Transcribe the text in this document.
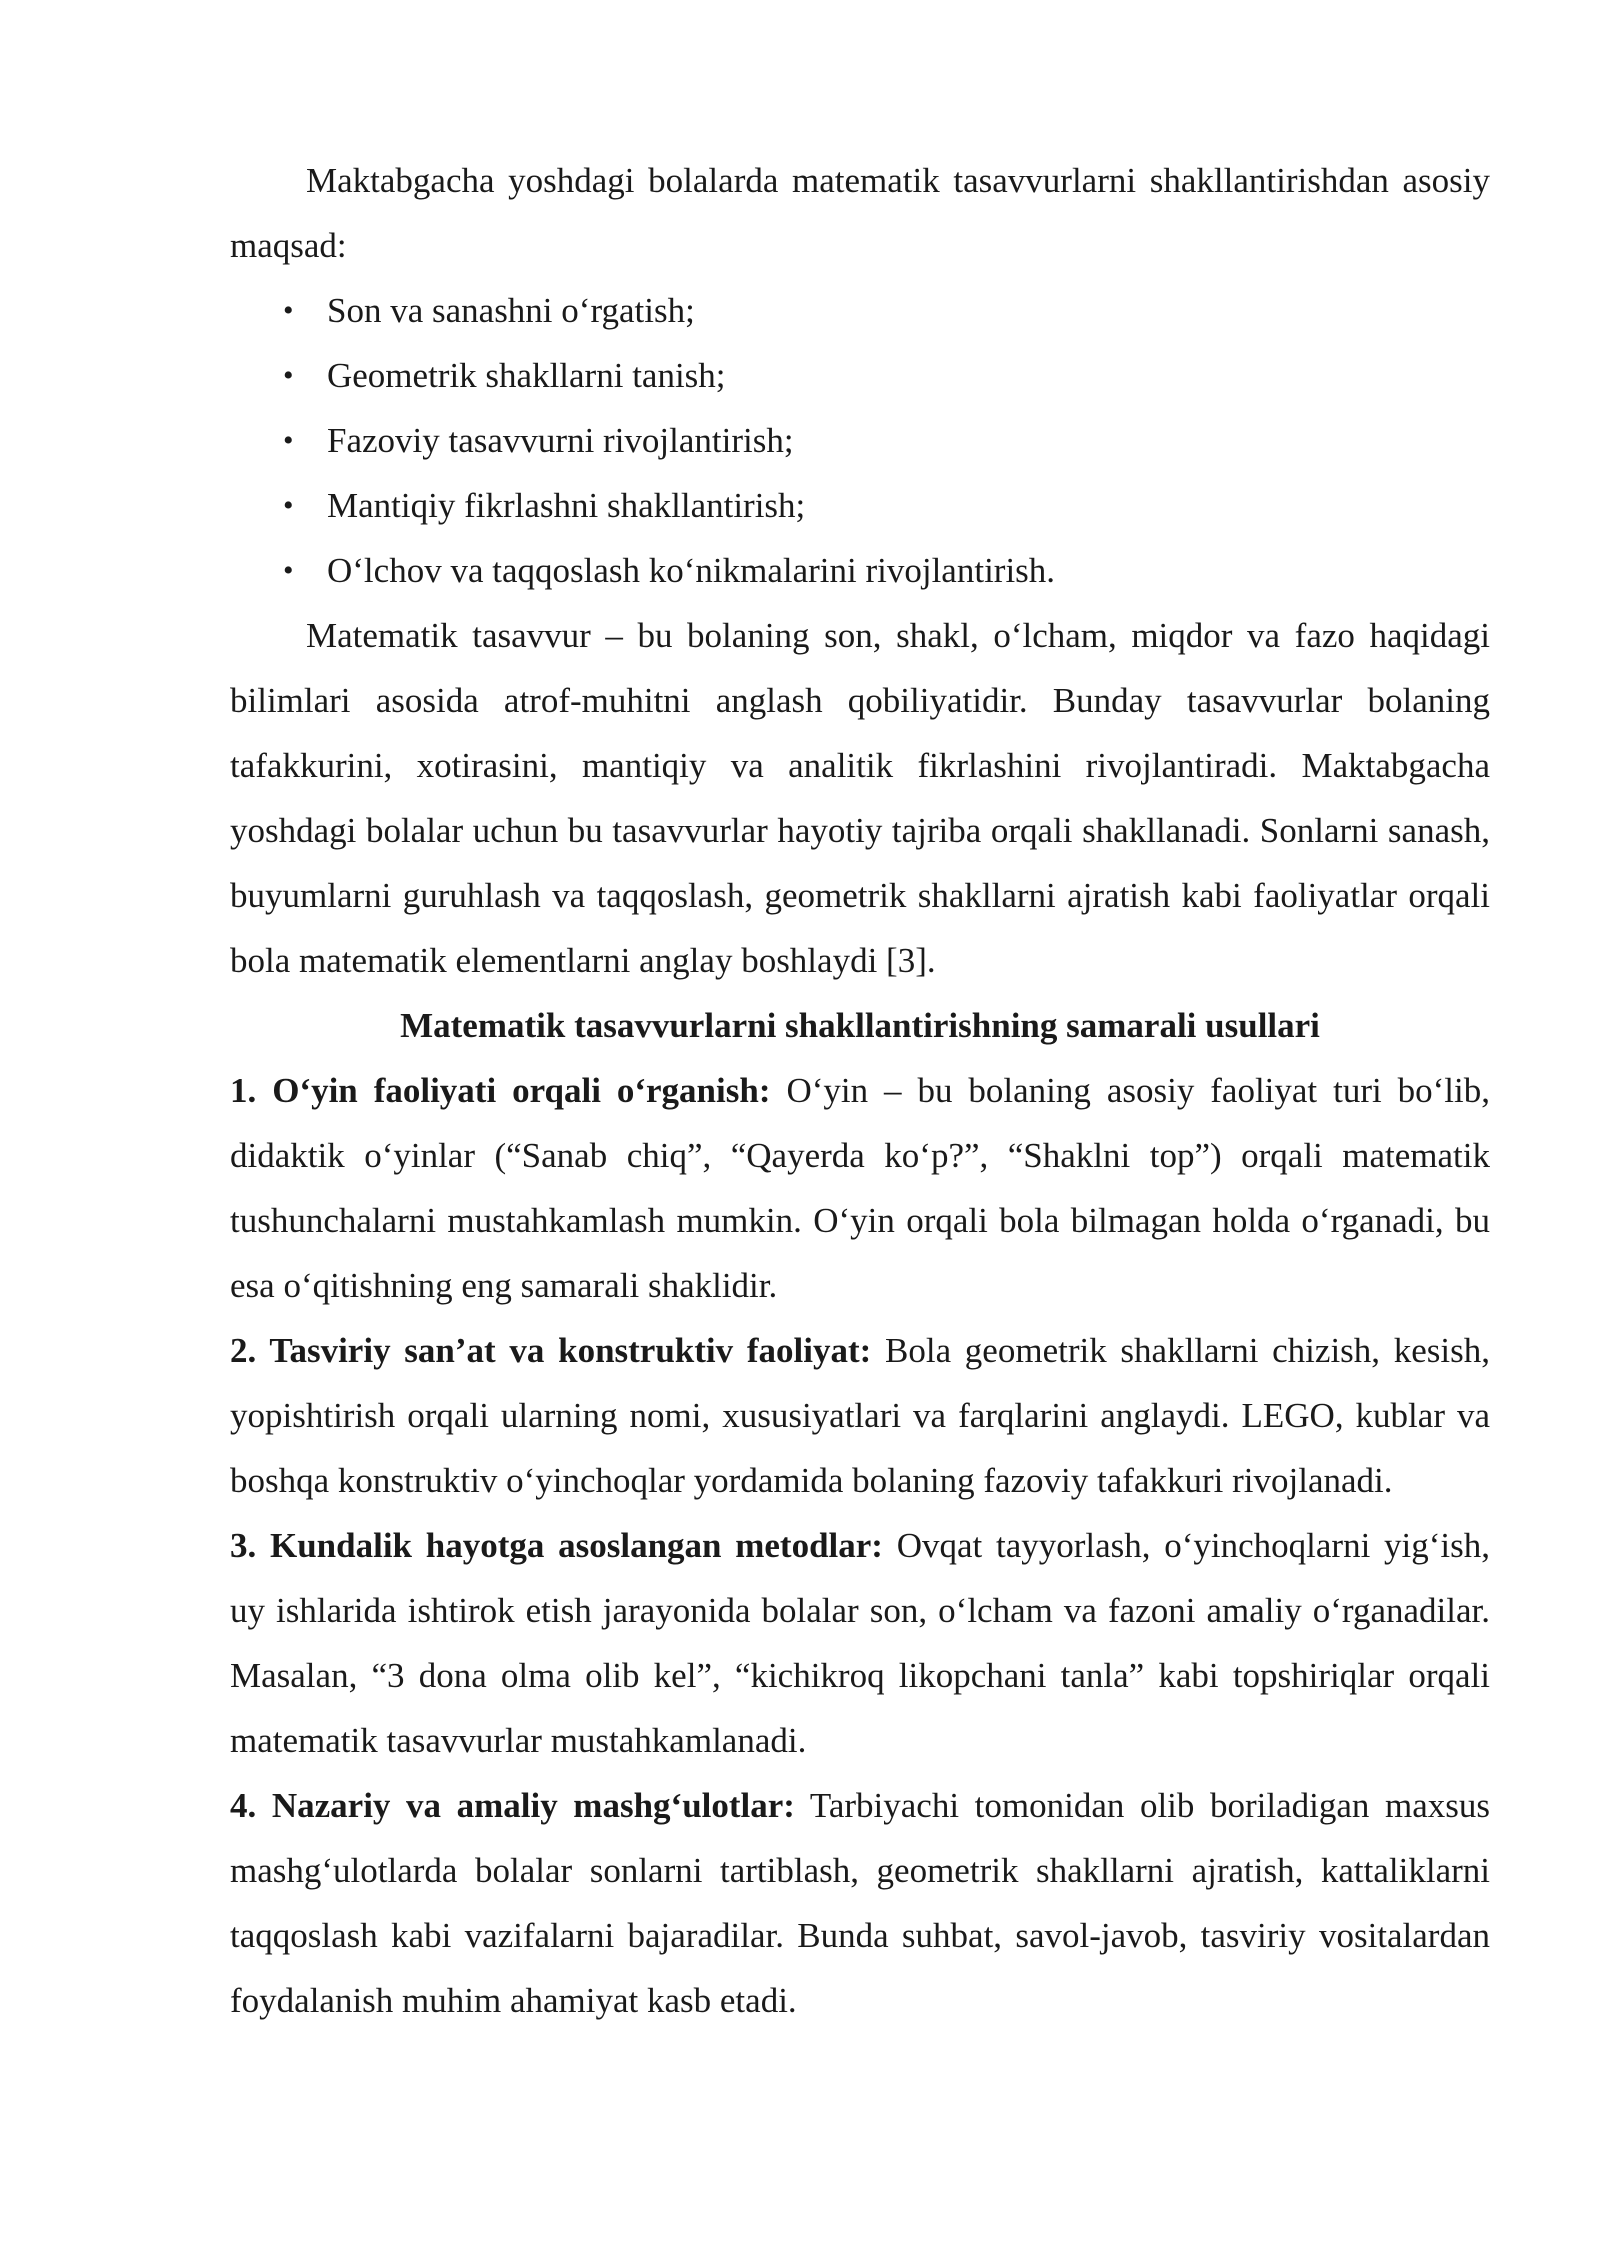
Maktabgacha yoshdagi bolalarda matematik tasavvurlarni shakllantirishdan asosiy maqsad:

• Son va sanashni o‘rgatish;
• Geometrik shakllarni tanish;
• Fazoviy tasavvurni rivojlantirish;
• Mantiqiy fikrlashni shakllantirish;
• O‘lchov va taqqoslash ko‘nikmalarini rivojlantirish.

Matematik tasavvur – bu bolaning son, shakl, o‘lcham, miqdor va fazo haqidagi bilimlari asosida atrof-muhitni anglash qobiliyatidir. Bunday tasavvurlar bolaning tafakkurini, xotirasini, mantiqiy va analitik fikrlashini rivojlantiradi. Maktabgacha yoshdagi bolalar uchun bu tasavvurlar hayotiy tajriba orqali shakllanadi. Sonlarni sanash, buyumlarni guruhlash va taqqoslash, geometrik shakllarni ajratish kabi faoliyatlar orqali bola matematik elementlarni anglay boshlaydi [3].

Matematik tasavvurlarni shakllantirishning samarali usullari

1. O‘yin faoliyati orqali o‘rganish: O‘yin – bu bolaning asosiy faoliyat turi bo‘lib, didaktik o‘yinlar (“Sanab chiq”, “Qayerda ko‘p?”, “Shaklni top”) orqali matematik tushunchalarni mustahkamlash mumkin. O‘yin orqali bola bilmagan holda o‘rganadi, bu esa o‘qitishning eng samarali shaklidir.

2. Tasviriy san’at va konstruktiv faoliyat: Bola geometrik shakllarni chizish, kesish, yopishtirish orqali ularning nomi, xususiyatlari va farqlarini anglaydi. LEGO, kublar va boshqa konstruktiv o‘yinchoqlar yordamida bolaning fazoviy tafakkuri rivojlanadi.

3. Kundalik hayotga asoslangan metodlar: Ovqat tayyorlash, o‘yinchoqlarni yig‘ish, uy ishlarida ishtirok etish jarayonida bolalar son, o‘lcham va fazoni amaliy o‘rganadilar. Masalan, “3 dona olma olib kel”, “kichikroq likopchani tanla” kabi topshiriqlar orqali matematik tasavvurlar mustahkamlanadi.

4. Nazariy va amaliy mashg‘ulotlar: Tarbiyachi tomonidan olib boriladigan maxsus mashg‘ulotlarda bolalar sonlarni tartiblash, geometrik shakllarni ajratish, kattaliklarni taqqoslash kabi vazifalarni bajaradilar. Bunda suhbat, savol-javob, tasviriy vositalardan foydalanish muhim ahamiyat kasb etadi.
